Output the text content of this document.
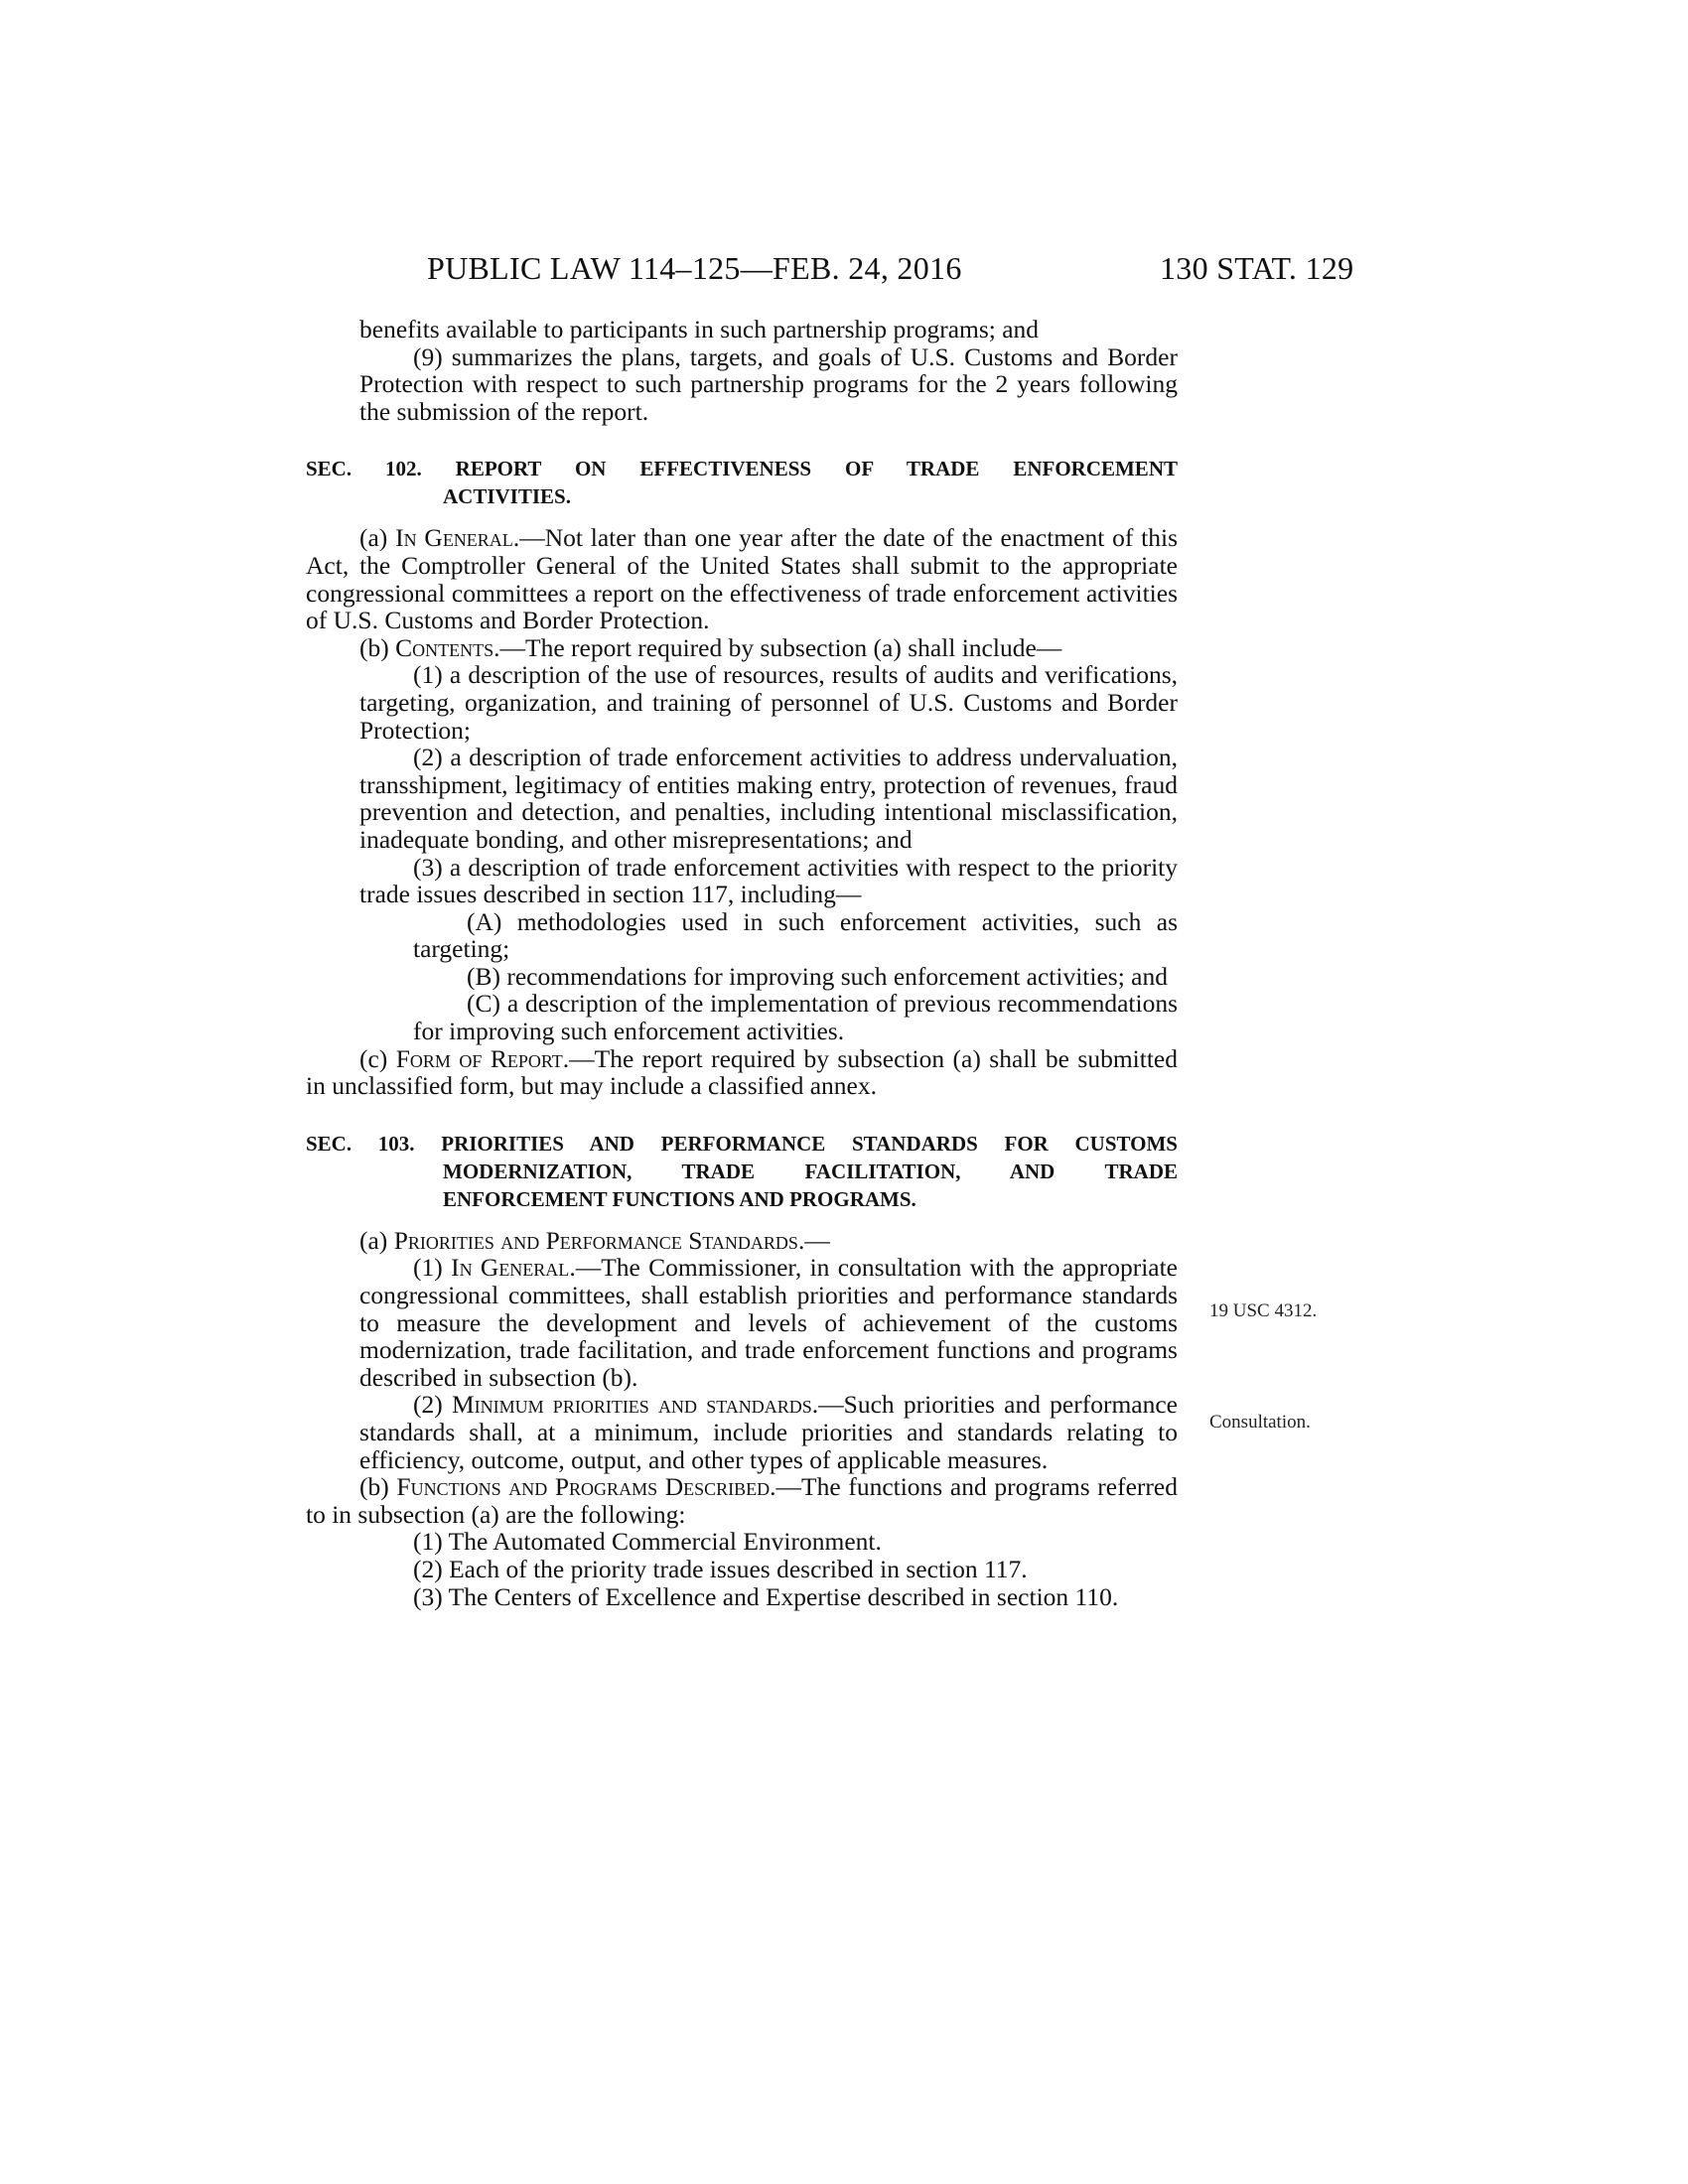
PUBLIC LAW 114–125—FEB. 24, 2016	130 STAT. 129
19 USC 4312.
Consultation.

benefits available to participants in such partnership programs; and

(9) summarizes the plans, targets, and goals of U.S. Customs and Border Protection with respect to such partnership programs for the 2 years following the submission of the report.

SEC. 102. REPORT ON EFFECTIVENESS OF TRADE ENFORCEMENT
ACTIVITIES.

(a) In General.—Not later than one year after the date of the enactment of this Act, the Comptroller General of the United States shall submit to the appropriate congressional committees a report on the effectiveness of trade enforcement activities of U.S. Customs and Border Protection.

(b) Contents.—The report required by subsection (a) shall include—

(1) a description of the use of resources, results of audits and verifications, targeting, organization, and training of personnel of U.S. Customs and Border Protection;

(2) a description of trade enforcement activities to address undervaluation, transshipment, legitimacy of entities making entry, protection of revenues, fraud prevention and detection, and penalties, including intentional misclassification, inadequate bonding, and other misrepresentations; and

(3) a description of trade enforcement activities with respect to the priority trade issues described in section 117, including—

(A) methodologies used in such enforcement activities, such as targeting;

(B) recommendations for improving such enforcement activities; and

(C) a description of the implementation of previous recommendations for improving such enforcement activities.

(c) Form of Report.—The report required by subsection (a) shall be submitted in unclassified form, but may include a classified annex.

SEC. 103. PRIORITIES AND PERFORMANCE STANDARDS FOR CUSTOMS
MODERNIZATION, TRADE FACILITATION, AND TRADE
ENFORCEMENT FUNCTIONS AND PROGRAMS.

(a) Priorities and Performance Standards.—

(1) In General.—The Commissioner, in consultation with the appropriate congressional committees, shall establish priorities and performance standards to measure the development and levels of achievement of the customs modernization, trade facilitation, and trade enforcement functions and programs described in subsection (b).

(2) Minimum priorities and standards.—Such priorities and performance standards shall, at a minimum, include priorities and standards relating to efficiency, outcome, output, and other types of applicable measures.

(b) Functions and Programs Described.—The functions and programs referred to in subsection (a) are the following:

(1) The Automated Commercial Environment.

(2) Each of the priority trade issues described in section 117.

(3) The Centers of Excellence and Expertise described in section 110.
